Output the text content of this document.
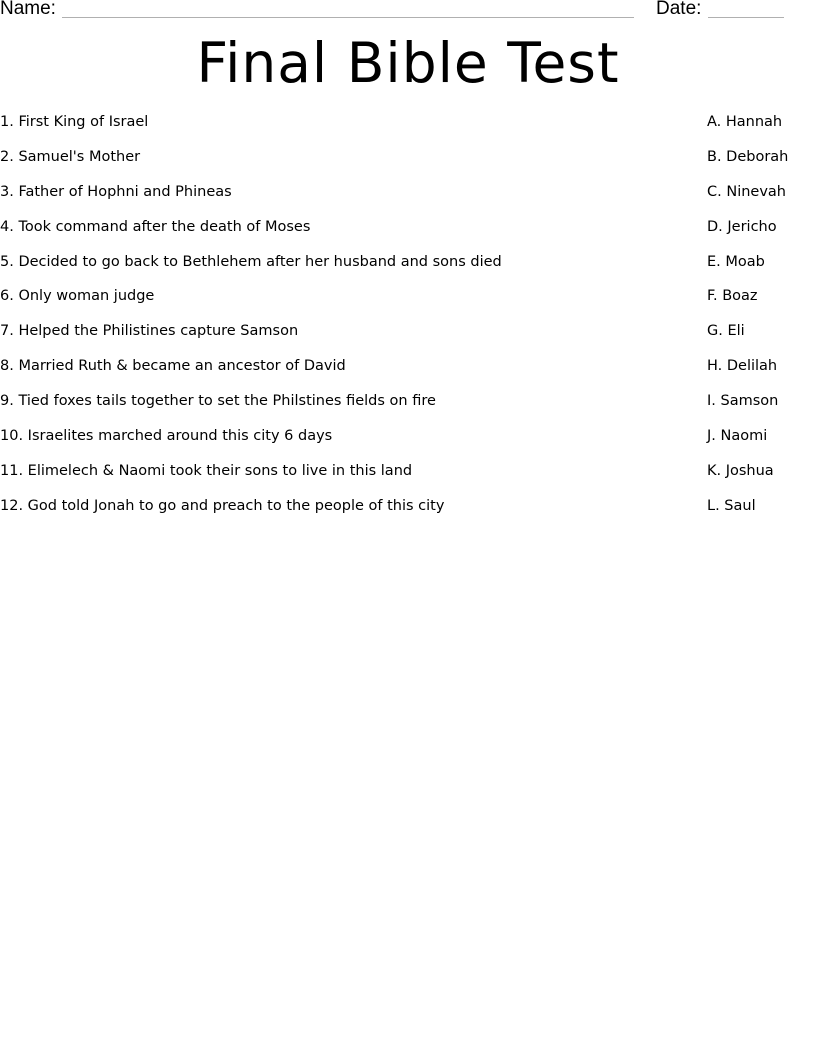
Name:	Date:
Final Bible Test
1. First King of Israel	A. Hannah
2. Samuel's Mother	B. Deborah
3. Father of Hophni and Phineas	C. Ninevah
4. Took command after the death of Moses	D. Jericho
5. Decided to go back to Bethlehem after her husband and sons died	E. Moab
6. Only woman judge	F. Boaz
7. Helped the Philistines capture Samson	G. Eli
8. Married Ruth & became an ancestor of David	H. Delilah
9. Tied foxes tails together to set the Philstines fields on fire	I. Samson
10. Israelites marched around this city 6 days	J. Naomi
11. Elimelech & Naomi took their sons to live in this land	K. Joshua
12. God told Jonah to go and preach to the people of this city	L. Saul
